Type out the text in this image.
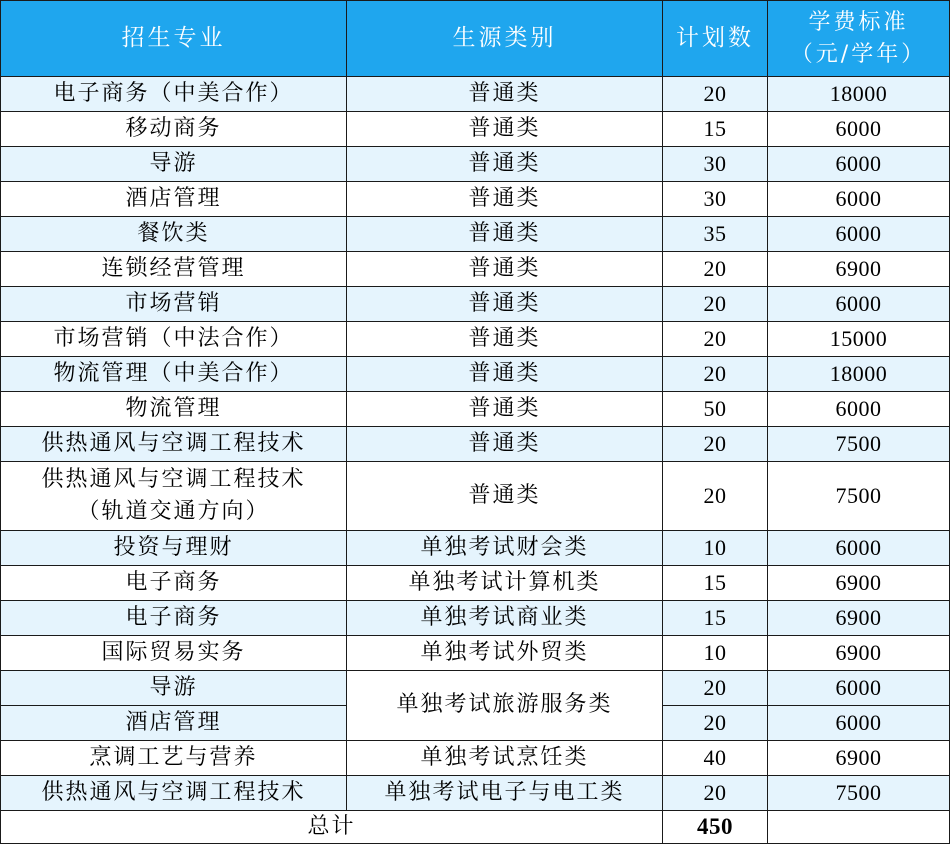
招生专业	生源类别	计划数	学费标准
（元/学年）
电子商务（中美合作）	普通类	20	18000
移动商务	普通类	15	6000
导游	普通类	30	6000
酒店管理	普通类	30	6000
餐饮类	普通类	35	6000
连锁经营管理	普通类	20	6900
市场营销	普通类	20	6000
市场营销（中法合作）	普通类	20	15000
物流管理（中美合作）	普通类	20	18000
物流管理	普通类	50	6000
供热通风与空调工程技术	普通类	20	7500
供热通风与空调工程技术
（轨道交通方向）	普通类	20	7500
投资与理财	单独考试财会类	10	6000
电子商务	单独考试计算机类	15	6900
电子商务	单独考试商业类	15	6900
国际贸易实务	单独考试外贸类	10	6900
导游	单独考试旅游服务类	20	6000
酒店管理		20	6000
烹调工艺与营养	单独考试烹饪类	40	6900
供热通风与空调工程技术	单独考试电子与电工类	20	7500
总计		450	
